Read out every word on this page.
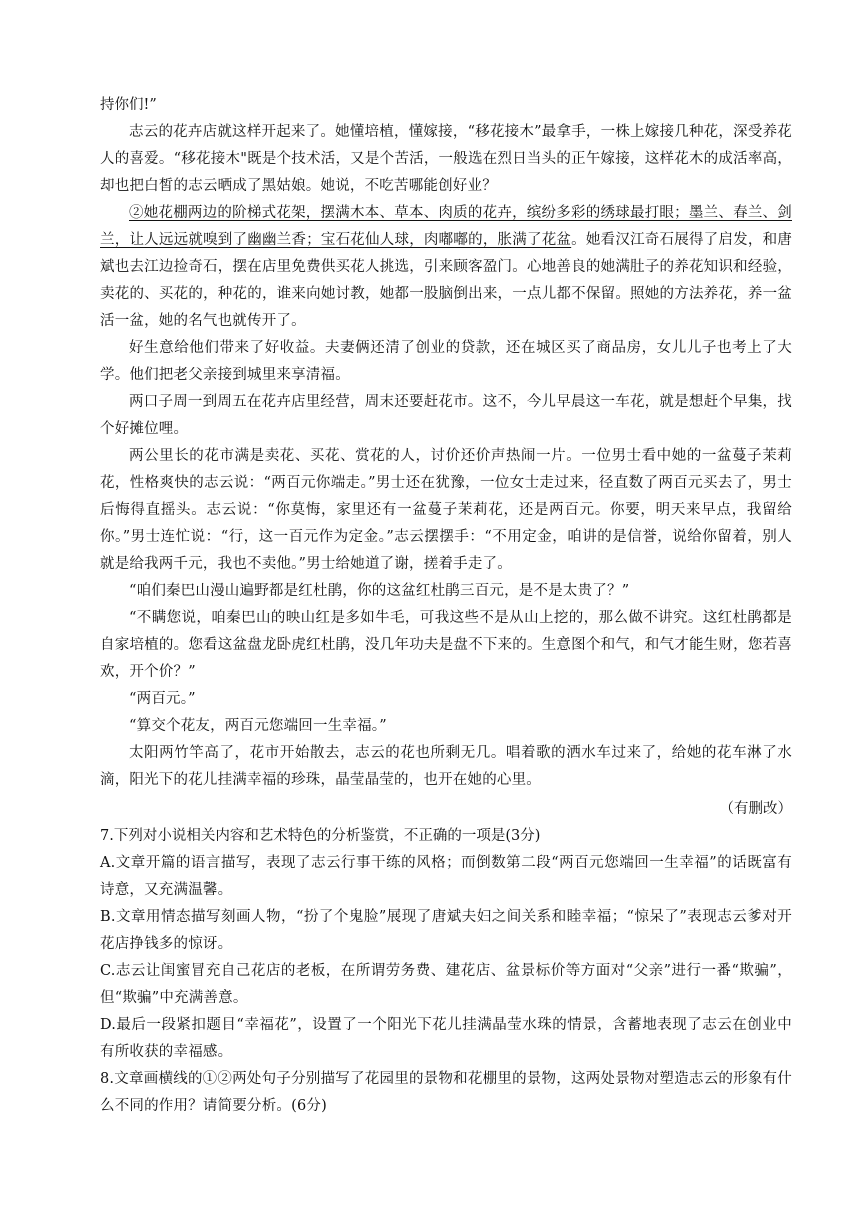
持你们!”

志云的花卉店就这样开起来了。她懂培植，懂嫁接，“移花接木”最拿手，一株上嫁接几种花，深受养花人的喜爱。“移花接木"既是个技术活，又是个苦活，一般选在烈日当头的正午嫁接，这样花木的成活率高，却也把白皙的志云晒成了黑姑娘。她说，不吃苦哪能创好业？

②她花棚两边的阶梯式花架，摆满木本、草本、肉质的花卉，缤纷多彩的绣球最打眼；墨兰、春兰、剑兰，让人远远就嗅到了幽幽兰香；宝石花仙人球，肉嘟嘟的，胀满了花盆。她看汉江奇石展得了启发，和唐斌也去江边捡奇石，摆在店里免费供买花人挑选，引来顾客盈门。心地善良的她满肚子的养花知识和经验，卖花的、买花的，种花的，谁来向她讨教，她都一股脑倒出来，一点儿都不保留。照她的方法养花，养一盆活一盆，她的名气也就传开了。

好生意给他们带来了好收益。夫妻俩还清了创业的贷款，还在城区买了商品房，女儿儿子也考上了大学。他们把老父亲接到城里来享清福。

两口子周一到周五在花卉店里经营，周末还要赶花市。这不，今儿早晨这一车花，就是想赶个早集，找个好摊位哩。

两公里长的花市满是卖花、买花、赏花的人，讨价还价声热闹一片。一位男士看中她的一盆蔓子茉莉花，性格爽快的志云说：“两百元你端走。”男士还在犹豫，一位女士走过来，径直数了两百元买去了，男士后悔得直摇头。志云说：“你莫悔，家里还有一盆蔓子茉莉花，还是两百元。你要，明天来早点，我留给你。”男士连忙说：“行，这一百元作为定金。”志云摆摆手：“不用定金，咱讲的是信誉，说给你留着，别人就是给我两千元，我也不卖他。”男士给她道了谢，搓着手走了。

“咱们秦巴山漫山遍野都是红杜鹃，你的这盆红杜鹃三百元，是不是太贵了？”

“不瞒您说，咱秦巴山的映山红是多如牛毛，可我这些不是从山上挖的，那么做不讲究。这红杜鹃都是自家培植的。您看这盆盘龙卧虎红杜鹃，没几年功夫是盘不下来的。生意图个和气，和气才能生财，您若喜欢，开个价？”

“两百元。”

“算交个花友，两百元您端回一生幸福。”

太阳两竹竿高了，花市开始散去，志云的花也所剩无几。唱着歌的洒水车过来了，给她的花车淋了水滴，阳光下的花儿挂满幸福的珍珠，晶莹晶莹的，也开在她的心里。

（有删改）

7.下列对小说相关内容和艺术特色的分析鉴赏，不正确的一项是(3分)

A.文章开篇的语言描写，表现了志云行事干练的风格；而倒数第二段“两百元您端回一生幸福”的话既富有诗意，又充满温馨。

B.文章用情态描写刻画人物，“扮了个鬼脸”展现了唐斌夫妇之间关系和睦幸福；“惊呆了”表现志云爹对开花店挣钱多的惊讶。

C.志云让闺蜜冒充自己花店的老板，在所谓劳务费、建花店、盆景标价等方面对“父亲”进行一番“欺骗”，但“欺骗”中充满善意。

D.最后一段紧扣题目“幸福花”，设置了一个阳光下花儿挂满晶莹水珠的情景，含蓄地表现了志云在创业中有所收获的幸福感。

8.文章画横线的①②两处句子分别描写了花园里的景物和花棚里的景物，这两处景物对塑造志云的形象有什么不同的作用？请简要分析。(6分)
